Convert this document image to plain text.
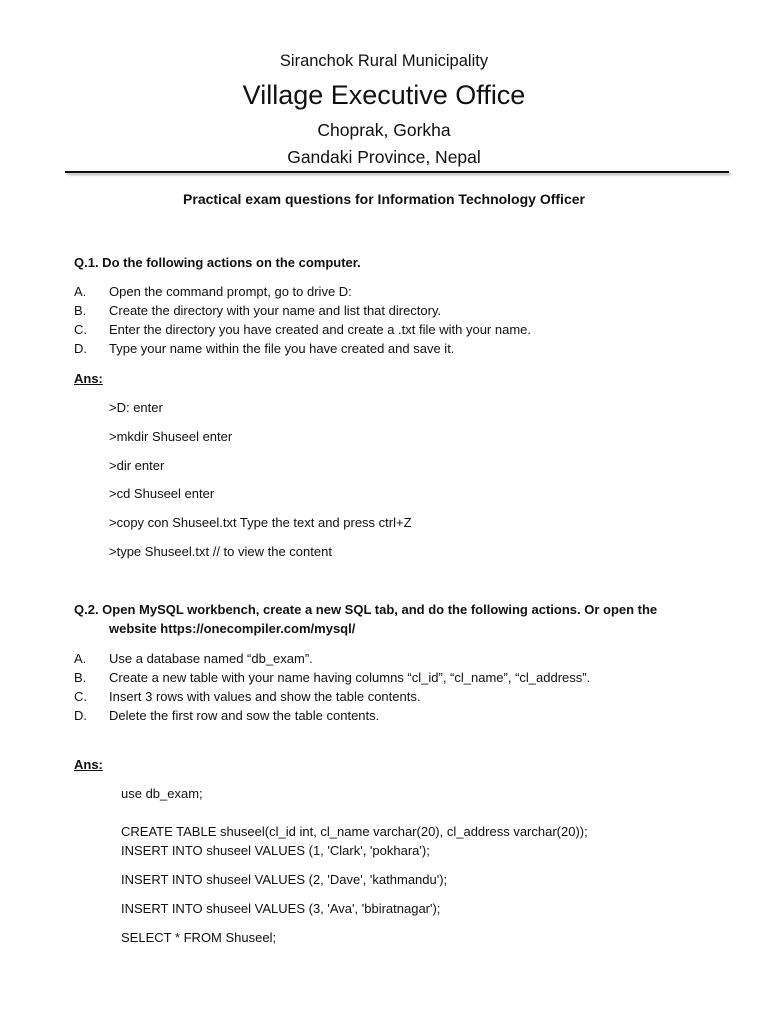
Siranchok Rural Municipality
Village Executive Office
Choprak, Gorkha
Gandaki Province, Nepal
Practical exam questions for Information Technology Officer
Q.1. Do the following actions on the computer.
A. Open the command prompt, go to drive D:
B. Create the directory with your name and list that directory.
C. Enter the directory you have created and create a .txt file with your name.
D. Type your name within the file you have created and save it.
Ans:
>D: enter
>mkdir Shuseel enter
>dir enter
>cd Shuseel enter
>copy con Shuseel.txt Type the text and press ctrl+Z
>type Shuseel.txt // to view the content
Q.2. Open MySQL workbench, create a new SQL tab, and do the following actions. Or open the
website https://onecompiler.com/mysql/
A. Use a database named “db_exam”.
B. Create a new table with your name having columns “cl_id”, “cl_name”, “cl_address”.
C. Insert 3 rows with values and show the table contents.
D. Delete the first row and sow the table contents.
Ans:
use db_exam;
CREATE TABLE shuseel(cl_id int, cl_name varchar(20), cl_address varchar(20));
INSERT INTO shuseel VALUES (1, 'Clark', 'pokhara');
INSERT INTO shuseel VALUES (2, 'Dave', 'kathmandu');
INSERT INTO shuseel VALUES (3, 'Ava', 'bbiratnagar');
SELECT * FROM Shuseel;
